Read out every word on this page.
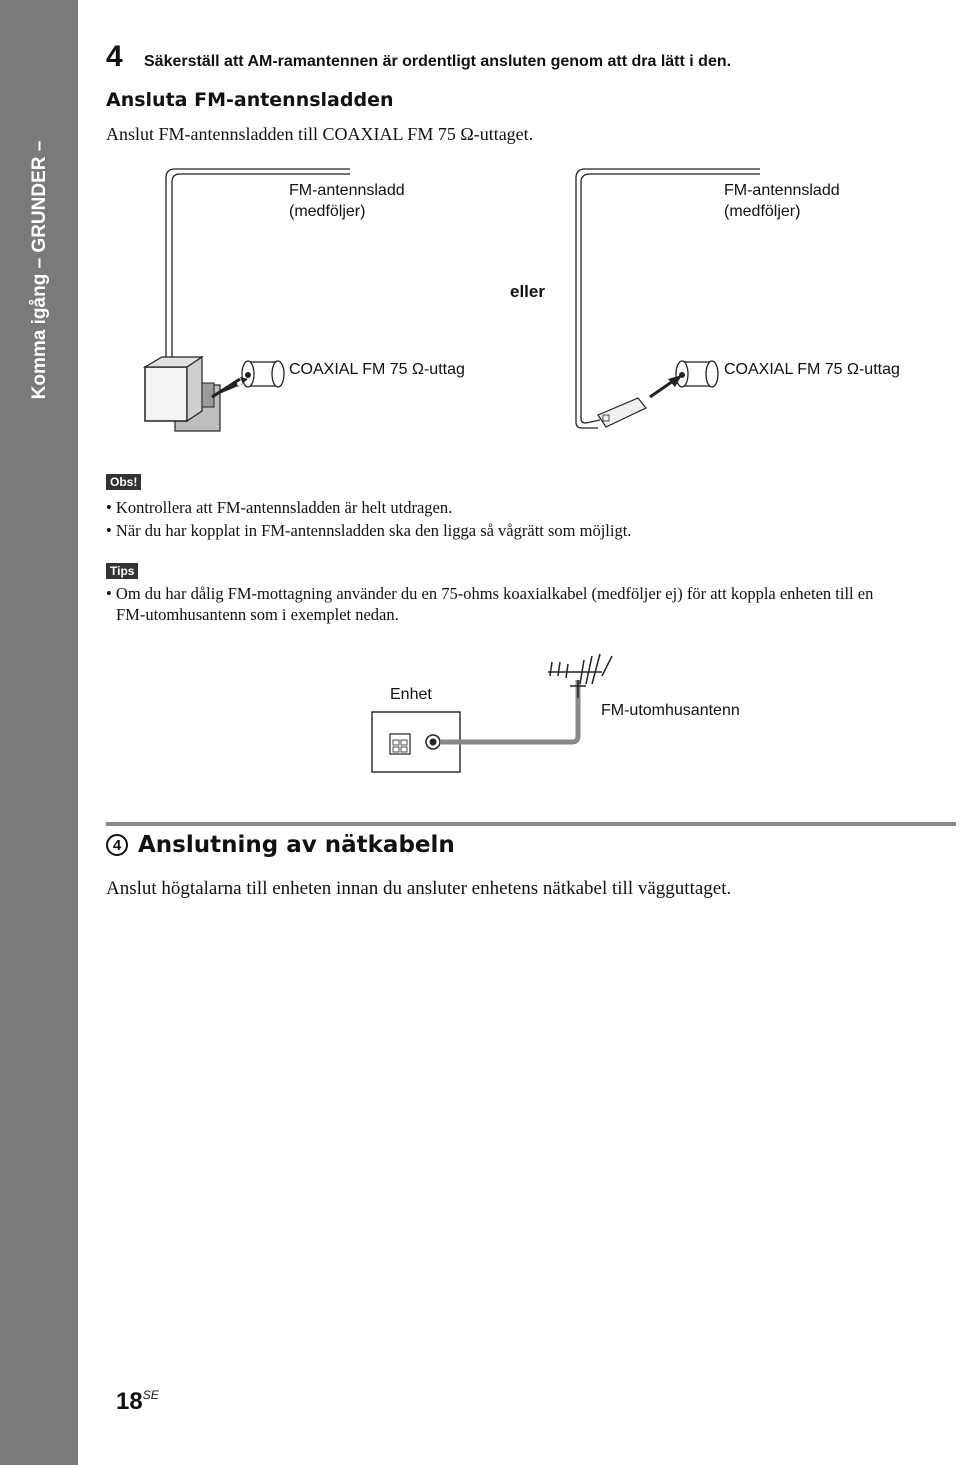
Komma igång – GRUNDER –
4	Säkerställ att AM-ramantennen är ordentligt ansluten genom att dra lätt i den.
Ansluta FM-antennsladden
Anslut FM-antennsladden till COAXIAL FM 75 Ω-uttaget.
FM-antennsladd
(medföljer)
COAXIAL FM 75 Ω-uttag
eller
FM-antennsladd
(medföljer)
COAXIAL FM 75 Ω-uttag
Obs!
• Kontrollera att FM-antennsladden är helt utdragen.
• När du har kopplat in FM-antennsladden ska den ligga så vågrätt som möjligt.
Tips
• Om du har dålig FM-mottagning använder du en 75-ohms koaxialkabel (medföljer ej) för att koppla enheten till en
FM-utomhusantenn som i exemplet nedan.
Enhet
FM-utomhusantenn
4 Anslutning av nätkabeln
Anslut högtalarna till enheten innan du ansluter enhetens nätkabel till vägguttaget.
$18^{SE}$
